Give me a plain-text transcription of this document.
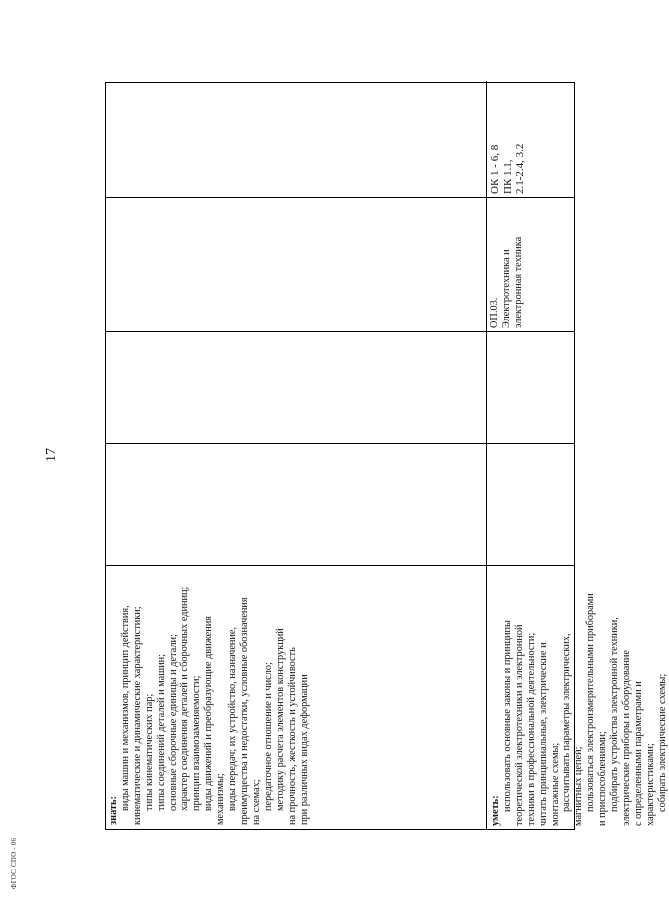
17
ФГОС СПО - 06

знать: виды машин и механизмов, принцип действия, кинематические и динамические характеристики; типы кинематических пар; типы соединений деталей и машин; основные сборочные единицы и детали; характер соединения деталей и сборочных единиц; принцип взаимозаменяемости; виды движений и преобразующие движения механизмы; виды передач; их устройство, назначение, преимущества и недостатки, условные обозначения на схемах; передаточное отношение и число; методику расчета элементов конструкций на прочность, жесткость и устойчивость при различных видах деформации
ОП.03. Электротехника и электронная техника
ОК 1 - 6, 8 ПК 1.1, 2.1-2.4, 3.2
уметь: использовать основные законы и принципы теоретической электротехники и электронной техники в профессиональной деятельности; читать принципиальные, электрические и монтажные схемы; рассчитывать параметры электрических, магнитных цепей; пользоваться электроизмерительными приборами и приспособлениями; подбирать устройства электронной техники, электрические приборы и оборудование с определенными параметрами и характеристиками; собирать электрические схемы;
